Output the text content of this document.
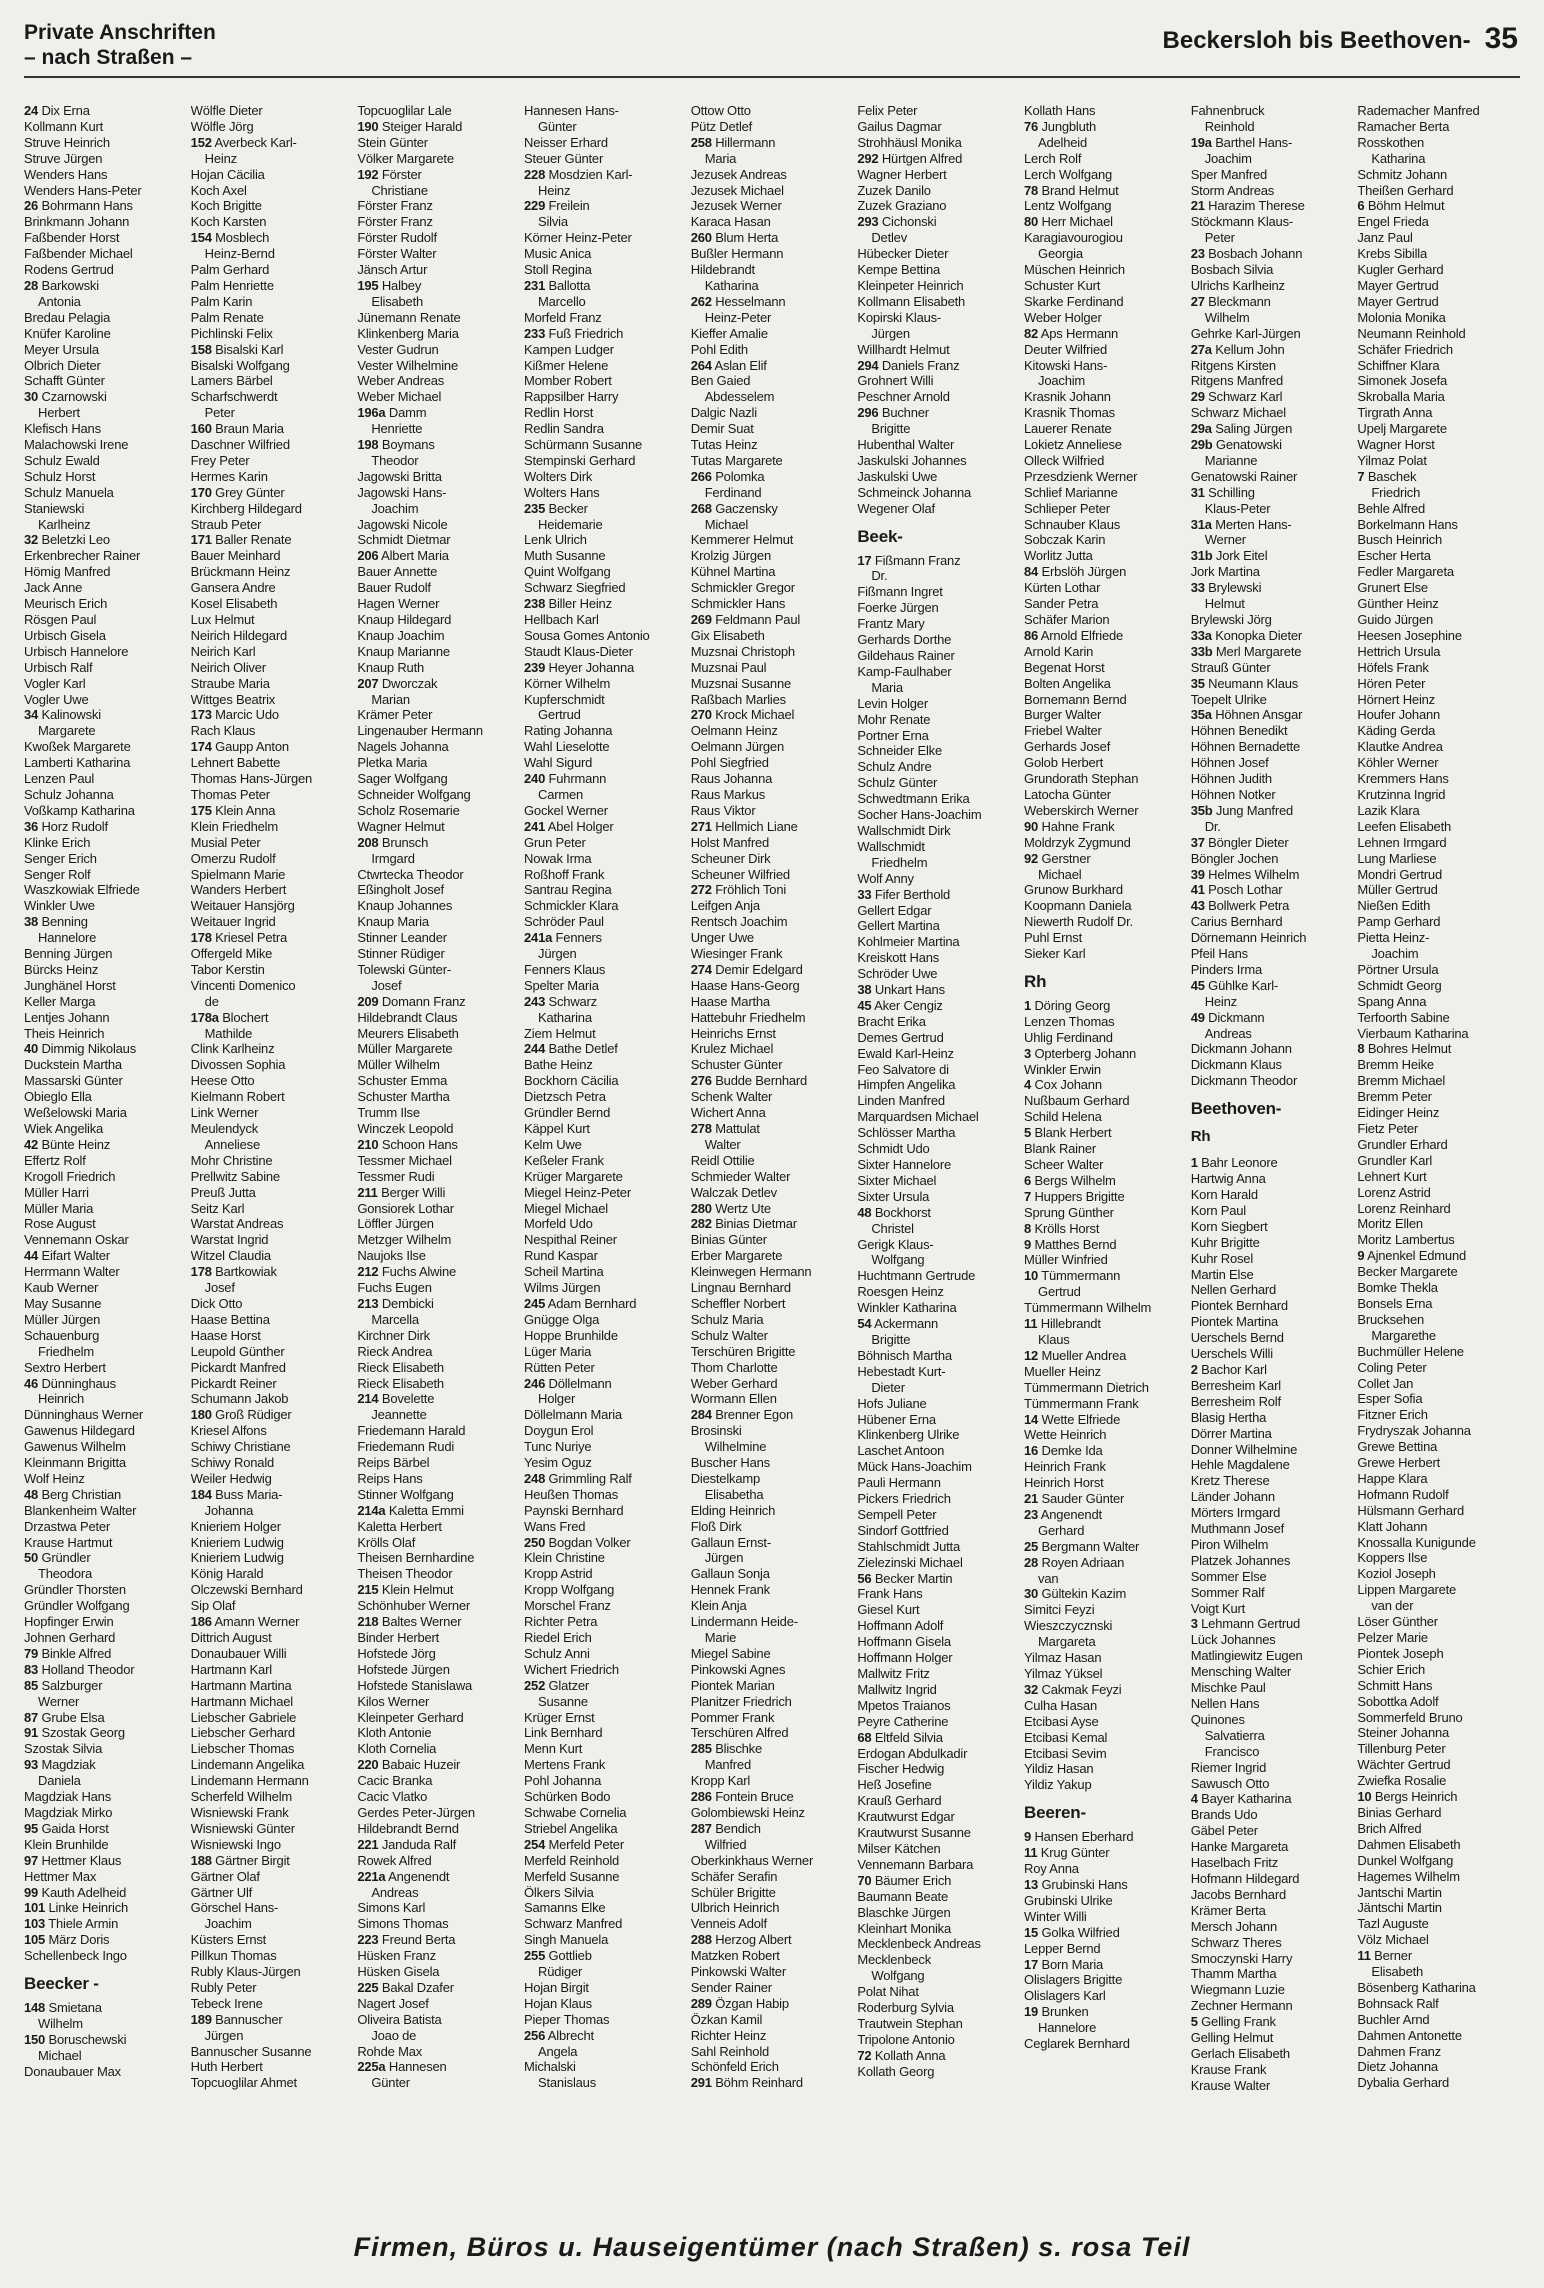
Private Anschriften
– nach Straßen –
Beckersloh bis Beethoven- 35
24 Dix Erna
Kollmann Kurt
Struve Heinrich
Struve Jürgen
Wenders Hans
Wenders Hans-Peter
26 Bohrmann Hans
Brinkmann Johann
Faßbender Horst
Faßbender Michael
Rodens Gertrud
28 Barkowski
Antonia
Bredau Pelagia
Knüfer Karoline
Meyer Ursula
Olbrich Dieter
Schafft Günter
30 Czarnowski
Herbert
Klefisch Hans
Malachowski Irene
Schulz Ewald
Schulz Horst
Schulz Manuela
Staniewski
Karlheinz
32 Beletzki Leo
Erkenbrecher Rainer
Hömig Manfred
Jack Anne
Meurisch Erich
Rösgen Paul
Urbisch Gisela
Urbisch Hannelore
Urbisch Ralf
Vogler Karl
Vogler Uwe
34 Kalinowski
Margarete
Kwoßek Margarete
Lamberti Katharina
Lenzen Paul
Schulz Johanna
Voßkamp Katharina
36 Horz Rudolf
Klinke Erich
Senger Erich
Senger Rolf
Waszkowiak Elfriede
Winkler Uwe
38 Benning
Hannelore
Benning Jürgen
Bürcks Heinz
Junghänel Horst
Keller Marga
Lentjes Johann
Theis Heinrich
40 Dimmig Nikolaus
Duckstein Martha
Massarski Günter
Obieglo Ella
Weßelowski Maria
Wiek Angelika
42 Bünte Heinz
Effertz Rolf
Krogoll Friedrich
Müller Harri
Müller Maria
Rose August
Vennemann Oskar
44 Eifart Walter
Herrmann Walter
Kaub Werner
May Susanne
Müller Jürgen
Schauenburg
Friedhelm
Sextro Herbert
46 Dünninghaus
Heinrich
Dünninghaus Werner
Gawenus Hildegard
Gawenus Wilhelm
Kleinmann Brigitta
Wolf Heinz
48 Berg Christian
Blankenheim Walter
Drzastwa Peter
Krause Hartmut
50 Gründler
Theodora
Gründler Thorsten
Gründler Wolfgang
Hopfinger Erwin
Johnen Gerhard
79 Binkle Alfred
83 Holland Theodor
85 Salzburger
Werner
87 Grube Elsa
91 Szostak Georg
Szostak Silvia
93 Magdziak
Daniela
Magdziak Hans
Magdziak Mirko
95 Gaida Horst
Klein Brunhilde
97 Hettmer Klaus
Hettmer Max
99 Kauth Adelheid
101 Linke Heinrich
103 Thiele Armin
105 März Doris
Schellenbeck Ingo
Beecker -
148 Smietana
Wilhelm
150 Boruschewski
Michael
Donaubauer Max
Wölfle Dieter
Wölfle Jörg
152 Averbeck Karl-
Heinz
Hojan Cäcilia
Koch Axel
Koch Brigitte
Koch Karsten
154 Mosblech
Heinz-Bernd
Palm Gerhard
Palm Henriette
Palm Karin
Palm Renate
Pichlinski Felix
158 Bisalski Karl
Bisalski Wolfgang
Lamers Bärbel
Scharfschwerdt
Peter
160 Braun Maria
Daschner Wilfried
Frey Peter
Hermes Karin
170 Grey Günter
Kirchberg Hildegard
Straub Peter
171 Baller Renate
Bauer Meinhard
Brückmann Heinz
Gansera Andre
Kosel Elisabeth
Lux Helmut
Neirich Hildegard
Neirich Karl
Neirich Oliver
Straube Maria
Wittges Beatrix
173 Marcic Udo
Rach Klaus
174 Gaupp Anton
Lehnert Babette
Thomas Hans-Jürgen
Thomas Peter
175 Klein Anna
Klein Friedhelm
Musial Peter
Omerzu Rudolf
Spielmann Marie
Wanders Herbert
Weitauer Hansjörg
Weitauer Ingrid
178 Kriesel Petra
Offergeld Mike
Tabor Kerstin
Vincenti Domenico
de
178a Blochert
Mathilde
Clink Karlheinz
Divossen Sophia
Heese Otto
Kielmann Robert
Link Werner
Meulendyck
Anneliese
Mohr Christine
Prellwitz Sabine
Preuß Jutta
Seitz Karl
Warstat Andreas
Warstat Ingrid
Witzel Claudia
178 Bartkowiak
Josef
Dick Otto
Haase Bettina
Haase Horst
Leupold Günther
Pickardt Manfred
Pickardt Reiner
Schumann Jakob
180 Groß Rüdiger
Kriesel Alfons
Schiwy Christiane
Schiwy Ronald
Weiler Hedwig
184 Buss Maria-
Johanna
Knieriem Holger
Knieriem Ludwig
Knieriem Ludwig
König Harald
Olczewski Bernhard
Sip Olaf
186 Amann Werner
Dittrich August
Donaubauer Willi
Hartmann Karl
Hartmann Martina
Hartmann Michael
Liebscher Gabriele
Liebscher Gerhard
Liebscher Thomas
Lindemann Angelika
Lindemann Hermann
Scherfeld Wilhelm
Wisniewski Frank
Wisniewski Günter
Wisniewski Ingo
188 Gärtner Birgit
Gärtner Olaf
Gärtner Ulf
Görschel Hans-
Joachim
Küsters Ernst
Pillkun Thomas
Rubly Klaus-Jürgen
Rubly Peter
Tebeck Irene
189 Bannuscher
Jürgen
Bannuscher Susanne
Huth Herbert
Topcuoglilar Ahmet
Topcuoglilar Lale
190 Steiger Harald
Stein Günter
Völker Margarete
192 Förster
Christiane
Förster Franz
Förster Franz
Förster Rudolf
Förster Walter
Jänsch Artur
195 Halbey
Elisabeth
Jünemann Renate
Klinkenberg Maria
Vester Gudrun
Vester Wilhelmine
Weber Andreas
Weber Michael
196a Damm
Henriette
198 Boymans
Theodor
Jagowski Britta
Jagowski Hans-
Joachim
Jagowski Nicole
Schmidt Dietmar
206 Albert Maria
Bauer Annette
Bauer Rudolf
Hagen Werner
Knaup Hildegard
Knaup Joachim
Knaup Marianne
Knaup Ruth
207 Dworczak
Marian
Krämer Peter
Lingenauber Hermann
Nagels Johanna
Pletka Maria
Sager Wolfgang
Schneider Wolfgang
Scholz Rosemarie
Wagner Helmut
208 Brunsch
Irmgard
Ctwrtecka Theodor
Eßingholt Josef
Knaup Johannes
Knaup Maria
Stinner Leander
Stinner Rüdiger
Tolewski Günter-
Josef
209 Domann Franz
Hildebrandt Claus
Meurers Elisabeth
Müller Margarete
Müller Wilhelm
Schuster Emma
Schuster Martha
Trumm Ilse
Winczek Leopold
210 Schoon Hans
Tessmer Michael
Tessmer Rudi
211 Berger Willi
Gonsiorek Lothar
Löffler Jürgen
Metzger Wilhelm
Naujoks Ilse
212 Fuchs Alwine
Fuchs Eugen
213 Dembicki
Marcella
Kirchner Dirk
Rieck Andrea
Rieck Elisabeth
Rieck Elisabeth
214 Bovelette
Jeannette
Friedemann Harald
Friedemann Rudi
Reips Bärbel
Reips Hans
Stinner Wolfgang
214a Kaletta Emmi
Kaletta Herbert
Krölls Olaf
Theisen Bernhardine
Theisen Theodor
215 Klein Helmut
Schönhuber Werner
218 Baltes Werner
Binder Herbert
Hofstede Jörg
Hofstede Jürgen
Hofstede Stanislawa
Kilos Werner
Kleinpeter Gerhard
Kloth Antonie
Kloth Cornelia
220 Babaic Huzeir
Cacic Branka
Cacic Vlatko
Gerdes Peter-Jürgen
Hildebrandt Bernd
221 Janduda Ralf
Rowek Alfred
221a Angenendt
Andreas
Simons Karl
Simons Thomas
223 Freund Berta
Hüsken Franz
Hüsken Gisela
225 Bakal Dzafer
Nagert Josef
Oliveira Batista
Joao de
Rohde Max
225a Hannesen
Günter
Hannesen Hans-
Günter
Neisser Erhard
Steuer Günter
228 Mosdzien Karl-
Heinz
229 Freilein
Silvia
Körner Heinz-Peter
Music Anica
Stoll Regina
231 Ballotta
Marcello
Morfeld Franz
233 Fuß Friedrich
Kampen Ludger
Kißmer Helene
Momber Robert
Rappsilber Harry
Redlin Horst
Redlin Sandra
Schürmann Susanne
Stempinski Gerhard
Wolters Dirk
Wolters Hans
235 Becker
Heidemarie
Lenk Ulrich
Muth Susanne
Quint Wolfgang
Schwarz Siegfried
238 Biller Heinz
Hellbach Karl
Sousa Gomes Antonio
Staudt Klaus-Dieter
239 Heyer Johanna
Körner Wilhelm
Kupferschmidt
Gertrud
Rating Johanna
Wahl Lieselotte
Wahl Sigurd
240 Fuhrmann
Carmen
Gockel Werner
241 Abel Holger
Grun Peter
Nowak Irma
Roßhoff Frank
Santrau Regina
Schmickler Klara
Schröder Paul
241a Fenners
Jürgen
Fenners Klaus
Spelter Maria
243 Schwarz
Katharina
Ziem Helmut
244 Bathe Detlef
Bathe Heinz
Bockhorn Cäcilia
Dietzsch Petra
Gründler Bernd
Käppel Kurt
Kelm Uwe
Keßeler Frank
Krüger Margarete
Miegel Heinz-Peter
Miegel Michael
Morfeld Udo
Nespithal Reiner
Rund Kaspar
Scheil Martina
Wilms Jürgen
245 Adam Bernhard
Gnügge Olga
Hoppe Brunhilde
Lüger Maria
Rütten Peter
246 Döllelmann
Holger
Döllelmann Maria
Doygun Erol
Tunc Nuriye
Yesim Oguz
248 Grimmling Ralf
Heußen Thomas
Paynski Bernhard
Wans Fred
250 Bogdan Volker
Klein Christine
Kropp Astrid
Kropp Wolfgang
Morschel Franz
Richter Petra
Riedel Erich
Schulz Anni
Wichert Friedrich
252 Glatzer
Susanne
Krüger Ernst
Link Bernhard
Menn Kurt
Mertens Frank
Pohl Johanna
Schürken Bodo
Schwabe Cornelia
Striebel Angelika
254 Merfeld Peter
Merfeld Reinhold
Merfeld Susanne
Ölkers Silvia
Samanns Elke
Schwarz Manfred
Singh Manuela
255 Gottlieb
Rüdiger
Hojan Birgit
Hojan Klaus
Pieper Thomas
256 Albrecht
Angela
Michalski
Stanislaus
Ottow Otto
Pütz Detlef
258 Hillermann
Maria
Jezusek Andreas
Jezusek Michael
Jezusek Werner
Karaca Hasan
260 Blum Herta
Bußler Hermann
Hildebrandt
Katharina
262 Hesselmann
Heinz-Peter
Kieffer Amalie
Pohl Edith
264 Aslan Elif
Ben Gaied
Abdesselem
Dalgic Nazli
Demir Suat
Tutas Heinz
Tutas Margarete
266 Polomka
Ferdinand
268 Gaczensky
Michael
Kemmerer Helmut
Krolzig Jürgen
Kühnel Martina
Schmickler Gregor
Schmickler Hans
269 Feldmann Paul
Gix Elisabeth
Muzsnai Christoph
Muzsnai Paul
Muzsnai Susanne
Raßbach Marlies
270 Krock Michael
Oelmann Heinz
Oelmann Jürgen
Pohl Siegfried
Raus Johanna
Raus Markus
Raus Viktor
271 Hellmich Liane
Holst Manfred
Scheuner Dirk
Scheuner Wilfried
272 Fröhlich Toni
Leifgen Anja
Rentsch Joachim
Unger Uwe
Wiesinger Frank
274 Demir Edelgard
Haase Hans-Georg
Haase Martha
Hattebuhr Friedhelm
Heinrichs Ernst
Krulez Michael
Schuster Günter
276 Budde Bernhard
Schenk Walter
Wichert Anna
278 Mattulat
Walter
Reidl Ottilie
Schmieder Walter
Walczak Detlev
280 Wertz Ute
282 Binias Dietmar
Binias Günter
Erber Margarete
Kleinwegen Hermann
Lingnau Bernhard
Scheffler Norbert
Schulz Maria
Schulz Walter
Terschüren Brigitte
Thom Charlotte
Weber Gerhard
Wormann Ellen
284 Brenner Egon
Brosinski
Wilhelmine
Buscher Hans
Diestelkamp
Elisabetha
Elding Heinrich
Floß Dirk
Gallaun Ernst-
Jürgen
Gallaun Sonja
Hennek Frank
Klein Anja
Lindermann Heide-
Marie
Miegel Sabine
Pinkowski Agnes
Piontek Marian
Planitzer Friedrich
Pommer Frank
Terschüren Alfred
285 Blischke
Manfred
Kropp Karl
286 Fontein Bruce
Golombiewski Heinz
287 Bendich
Wilfried
Oberkinkhaus Werner
Schäfer Serafin
Schüler Brigitte
Ulbrich Heinrich
Venneis Adolf
288 Herzog Albert
Matzken Robert
Pinkowski Walter
Sender Rainer
289 Özgan Habip
Özkan Kamil
Richter Heinz
Sahl Reinhold
Schönfeld Erich
291 Böhm Reinhard
Felix Peter
Gailus Dagmar
Strohhäusl Monika
292 Hürtgen Alfred
Wagner Herbert
Zuzek Danilo
Zuzek Graziano
293 Cichonski
Detlev
Hübecker Dieter
Kempe Bettina
Kleinpeter Heinrich
Kollmann Elisabeth
Kopirski Klaus-
Jürgen
Willhardt Helmut
294 Daniels Franz
Grohnert Willi
Peschner Arnold
296 Buchner
Brigitte
Hubenthal Walter
Jaskulski Johannes
Jaskulski Uwe
Schmeinck Johanna
Wegener Olaf
Beek-
17 Fißmann Franz
Dr.
Fißmann Ingret
Foerke Jürgen
Frantz Mary
Gerhards Dorthe
Gildehaus Rainer
Kamp-Faulhaber
Maria
Levin Holger
Mohr Renate
Portner Erna
Schneider Elke
Schulz Andre
Schulz Günter
Schwedtmann Erika
Socher Hans-Joachim
Wallschmidt Dirk
Wallschmidt
Friedhelm
Wolf Anny
33 Fifer Berthold
Gellert Edgar
Gellert Martina
Kohlmeier Martina
Kreiskott Hans
Schröder Uwe
38 Unkart Hans
45 Aker Cengiz
Bracht Erika
Demes Gertrud
Ewald Karl-Heinz
Feo Salvatore di
Himpfen Angelika
Linden Manfred
Marquardsen Michael
Schlösser Martha
Schmidt Udo
Sixter Hannelore
Sixter Michael
Sixter Ursula
48 Bockhorst
Christel
Gerigk Klaus-
Wolfgang
Huchtmann Gertrude
Roesgen Heinz
Winkler Katharina
54 Ackermann
Brigitte
Böhnisch Martha
Hebestadt Kurt-
Dieter
Hofs Juliane
Hübener Erna
Klinkenberg Ulrike
Laschet Antoon
Mück Hans-Joachim
Pauli Hermann
Pickers Friedrich
Sempell Peter
Sindorf Gottfried
Stahlschmidt Jutta
Zielezinski Michael
56 Becker Martin
Frank Hans
Giesel Kurt
Hoffmann Adolf
Hoffmann Gisela
Hoffmann Holger
Mallwitz Fritz
Mallwitz Ingrid
Mpetos Traianos
Peyre Catherine
68 Eltfeld Silvia
Erdogan Abdulkadir
Fischer Hedwig
Heß Josefine
Krauß Gerhard
Krautwurst Edgar
Krautwurst Susanne
Milser Kätchen
Vennemann Barbara
70 Bäumer Erich
Baumann Beate
Blaschke Jürgen
Kleinhart Monika
Mecklenbeck Andreas
Mecklenbeck
Wolfgang
Polat Nihat
Roderburg Sylvia
Trautwein Stephan
Tripolone Antonio
72 Kollath Anna
Kollath Georg
Kollath Hans
76 Jungbluth
Adelheid
Lerch Rolf
Lerch Wolfgang
78 Brand Helmut
Lentz Wolfgang
80 Herr Michael
Karagiavourogiou
Georgia
Müschen Heinrich
Schuster Kurt
Skarke Ferdinand
Weber Holger
82 Aps Hermann
Deuter Wilfried
Kitowski Hans-
Joachim
Krasnik Johann
Krasnik Thomas
Lauerer Renate
Lokietz Anneliese
Olleck Wilfried
Przesdzienk Werner
Schlief Marianne
Schlieper Peter
Schnauber Klaus
Sobczak Karin
Worlitz Jutta
84 Erbslöh Jürgen
Kürten Lothar
Sander Petra
Schäfer Marion
86 Arnold Elfriede
Arnold Karin
Begenat Horst
Bolten Angelika
Bornemann Bernd
Burger Walter
Friebel Walter
Gerhards Josef
Golob Herbert
Grundorath Stephan
Latocha Günter
Weberskirch Werner
90 Hahne Frank
Moldrzyk Zygmund
92 Gerstner
Michael
Grunow Burkhard
Koopmann Daniela
Niewerth Rudolf Dr.
Puhl Ernst
Sieker Karl
Rh
1 Döring Georg
Lenzen Thomas
Uhlig Ferdinand
3 Opterberg Johann
Winkler Erwin
4 Cox Johann
Nußbaum Gerhard
Schild Helena
5 Blank Herbert
Blank Rainer
Scheer Walter
6 Bergs Wilhelm
7 Huppers Brigitte
Sprung Günther
8 Krölls Horst
9 Matthes Bernd
Müller Winfried
10 Tümmermann
Gertrud
Tümmermann Wilhelm
11 Hillebrandt
Klaus
12 Mueller Andrea
Mueller Heinz
Tümmermann Dietrich
Tümmermann Frank
14 Wette Elfriede
Wette Heinrich
16 Demke Ida
Heinrich Frank
Heinrich Horst
21 Sauder Günter
23 Angenendt
Gerhard
25 Bergmann Walter
28 Royen Adriaan
van
30 Gültekin Kazim
Simitci Feyzi
Wieszczycznski
Margareta
Yilmaz Hasan
Yilmaz Yüksel
32 Cakmak Feyzi
Culha Hasan
Etcibasi Ayse
Etcibasi Kemal
Etcibasi Sevim
Yildiz Hasan
Yildiz Yakup
Beeren-
9 Hansen Eberhard
11 Krug Günter
Roy Anna
13 Grubinski Hans
Grubinski Ulrike
Winter Willi
15 Golka Wilfried
Lepper Bernd
17 Born Maria
Olislagers Brigitte
Olislagers Karl
19 Brunken
Hannelore
Ceglarek Bernhard
Fahnenbruck
Reinhold
19a Barthel Hans-
Joachim
Sper Manfred
Storm Andreas
21 Harazim Therese
Stöckmann Klaus-
Peter
23 Bosbach Johann
Bosbach Silvia
Ulrichs Karlheinz
27 Bleckmann
Wilhelm
Gehrke Karl-Jürgen
27a Kellum John
Ritgens Kirsten
Ritgens Manfred
29 Schwarz Karl
Schwarz Michael
29a Saling Jürgen
29b Genatowski
Marianne
Genatowski Rainer
31 Schilling
Klaus-Peter
31a Merten Hans-
Werner
31b Jork Eitel
Jork Martina
33 Brylewski
Helmut
Brylewski Jörg
33a Konopka Dieter
33b Merl Margarete
Strauß Günter
35 Neumann Klaus
Toepelt Ulrike
35a Höhnen Ansgar
Höhnen Benedikt
Höhnen Bernadette
Höhnen Josef
Höhnen Judith
Höhnen Notker
35b Jung Manfred
Dr.
37 Böngler Dieter
Böngler Jochen
39 Helmes Wilhelm
41 Posch Lothar
43 Bollwerk Petra
Carius Bernhard
Dörnemann Heinrich
Pfeil Hans
Pinders Irma
45 Gühlke Karl-
Heinz
49 Dickmann
Andreas
Dickmann Johann
Dickmann Klaus
Dickmann Theodor
Beethoven-
Rh
1 Bahr Leonore
Hartwig Anna
Korn Harald
Korn Paul
Korn Siegbert
Kuhr Brigitte
Kuhr Rosel
Martin Else
Nellen Gerhard
Piontek Bernhard
Piontek Martina
Uerschels Bernd
Uerschels Willi
2 Bachor Karl
Berresheim Karl
Berresheim Rolf
Blasig Hertha
Dörrer Martina
Donner Wilhelmine
Hehle Magdalene
Kretz Therese
Länder Johann
Mörters Irmgard
Muthmann Josef
Piron Wilhelm
Platzek Johannes
Sommer Else
Sommer Ralf
Voigt Kurt
3 Lehmann Gertrud
Lück Johannes
Matlingiewitz Eugen
Mensching Walter
Mischke Paul
Nellen Hans
Quinones
Salvatierra
Francisco
Riemer Ingrid
Sawusch Otto
4 Bayer Katharina
Brands Udo
Gäbel Peter
Hanke Margareta
Haselbach Fritz
Hofmann Hildegard
Jacobs Bernhard
Krämer Berta
Mersch Johann
Schwarz Theres
Smoczynski Harry
Thamm Martha
Wiegmann Luzie
Zechner Hermann
5 Gelling Frank
Gelling Helmut
Gerlach Elisabeth
Krause Frank
Krause Walter
Rademacher Manfred
Ramacher Berta
Rosskothen
Katharina
Schmitz Johann
Theißen Gerhard
6 Böhm Helmut
Engel Frieda
Janz Paul
Krebs Sibilla
Kugler Gerhard
Mayer Gertrud
Mayer Gertrud
Molonia Monika
Neumann Reinhold
Schäfer Friedrich
Schiffner Klara
Simonek Josefa
Skroballa Maria
Tirgrath Anna
Upelj Margarete
Wagner Horst
Yilmaz Polat
7 Baschek
Friedrich
Behle Alfred
Borkelmann Hans
Busch Heinrich
Escher Herta
Fedler Margareta
Grunert Else
Günther Heinz
Guido Jürgen
Heesen Josephine
Hettrich Ursula
Höfels Frank
Hören Peter
Hörnert Heinz
Houfer Johann
Käding Gerda
Klautke Andrea
Köhler Werner
Kremmers Hans
Krutzinna Ingrid
Lazik Klara
Leefen Elisabeth
Lehnen Irmgard
Lung Marliese
Mondri Gertrud
Müller Gertrud
Nießen Edith
Pamp Gerhard
Pietta Heinz-
Joachim
Pörtner Ursula
Schmidt Georg
Spang Anna
Terfoorth Sabine
Vierbaum Katharina
8 Bohres Helmut
Bremm Heike
Bremm Michael
Bremm Peter
Eidinger Heinz
Fietz Peter
Grundler Erhard
Grundler Karl
Lehnert Kurt
Lorenz Astrid
Lorenz Reinhard
Moritz Ellen
Moritz Lambertus
9 Ajnenkel Edmund
Becker Margarete
Bomke Thekla
Bonsels Erna
Brucksehen
Margarethe
Buchmüller Helene
Coling Peter
Collet Jan
Esper Sofia
Fitzner Erich
Frydryszak Johanna
Grewe Bettina
Grewe Herbert
Happe Klara
Hofmann Rudolf
Hülsmann Gerhard
Klatt Johann
Knossalla Kunigunde
Koppers Ilse
Koziol Joseph
Lippen Margarete
van der
Löser Günther
Pelzer Marie
Piontek Joseph
Schier Erich
Schmitt Hans
Sobottka Adolf
Sommerfeld Bruno
Steiner Johanna
Tillenburg Peter
Wächter Gertrud
Zwiefka Rosalie
10 Bergs Heinrich
Binias Gerhard
Brich Alfred
Dahmen Elisabeth
Dunkel Wolfgang
Hagemes Wilhelm
Jantschi Martin
Jäntschi Martin
Tazl Auguste
Völz Michael
11 Berner
Elisabeth
Bösenberg Katharina
Bohnsack Ralf
Buchler Arnd
Dahmen Antonette
Dahmen Franz
Dietz Johanna
Dybalia Gerhard
Firmen, Büros u. Hauseigentümer (nach Straßen) s. rosa Teil
